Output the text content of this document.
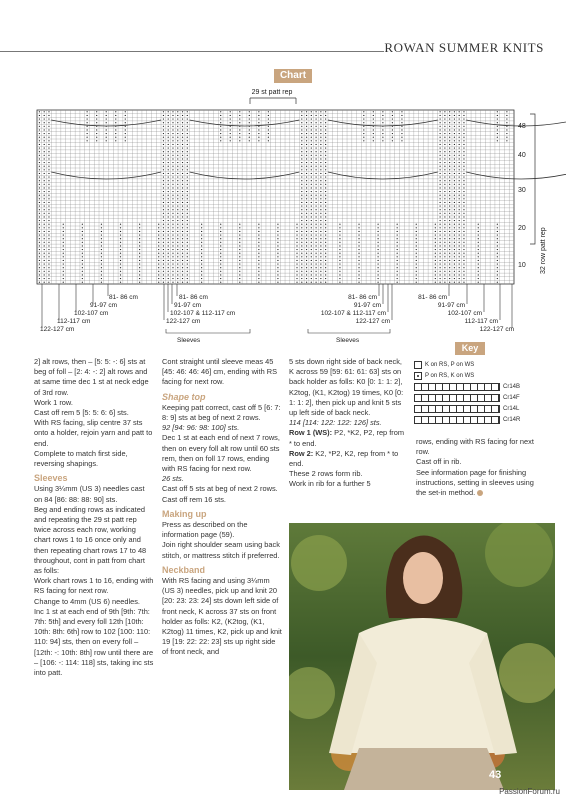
ROWAN SUMMER KNITS
Chart
29 st patt rep
32 row patt rep
48
40
30
20
10
81- 86 cm
91-97 cm
102-107 cm
112-117 cm
122-127 cm
81- 86 cm
91-97 cm
102-107 & 112-117 cm
122-127 cm
81- 86 cm
91-97 cm
102-107 & 112-117 cm
122-127 cm
81- 86 cm
91-97 cm
102-107 cm
112-117 cm
122-127 cm
Sleeves	Sleeves

2] alt rows, then – [5: 5: -: 6] sts at beg of foll – [2: 4: -: 2] alt rows and at same time dec 1 st at neck edge of 3rd row.

Work 1 row.

Cast off rem 5 [5: 5: 6: 6] sts.

With RS facing, slip centre 37 sts onto a holder, rejoin yarn and patt to end.

Complete to match first side, reversing shapings.

Sleeves

Using 3¼mm (US 3) needles cast on 84 [86: 88: 88: 90] sts.

Beg and ending rows as indicated and repeating the 29 st patt rep twice across each row, working chart rows 1 to 16 once only and then repeating chart rows 17 to 48 throughout, cont in patt from chart as folls:

Work chart rows 1 to 16, ending with RS facing for next row.

Change to 4mm (US 6) needles.

Inc 1 st at each end of 9th [9th: 7th: 7th: 5th] and every foll 12th [10th: 10th: 8th: 6th] row to 102 [100: 110: 110: 94] sts, then on every foll – [12th: -: 10th: 8th] row until there are – [106: -: 114: 118] sts, taking inc sts into patt.

Cont straight until sleeve meas 45 [45: 46: 46: 46] cm, ending with RS facing for next row.

Shape top

Keeping patt correct, cast off 5 [6: 7: 8: 9] sts at beg of next 2 rows.

92 [94: 96: 98: 100] sts.

Dec 1 st at each end of next 7 rows, then on every foll alt row until 60 sts rem, then on foll 17 rows, ending with RS facing for next row.

26 sts.

Cast off 5 sts at beg of next 2 rows.

Cast off rem 16 sts.

Making up

Press as described on the information page (59).

Join right shoulder seam using back stitch, or mattress stitch if preferred.

Neckband

With RS facing and using 3¼mm (US 3) needles, pick up and knit 20 [20: 23: 23: 24] sts down left side of front neck, K across 37 sts on front holder as folls: K2, (K2tog, (K1, K2tog) 11 times, K2, pick up and knit 19 [19: 22: 22: 23] sts up right side of front neck, and

5 sts down right side of back neck, K across 59 [59: 61: 61: 63] sts on back holder as folls: K0 [0: 1: 1: 2], K2tog, (K1, K2tog) 19 times, K0 [0: 1: 1: 2], then pick up and knit 5 sts up left side of back neck.

114 [114: 122: 122: 126] sts.

Row 1 (WS): P2, *K2, P2, rep from * to end.

Row 2: K2, *P2, K2, rep from * to end.

These 2 rows form rib.

Work in rib for a further 5

Key
K on RS, P on WS
P on RS, K on WS
Cr14B
Cr14F
Cr14L
Cr14R

rows, ending with RS facing for next row.

Cast off in rib.

See information page for finishing instructions, setting in sleeves using the set-in method.

43
PassionForum.ru
